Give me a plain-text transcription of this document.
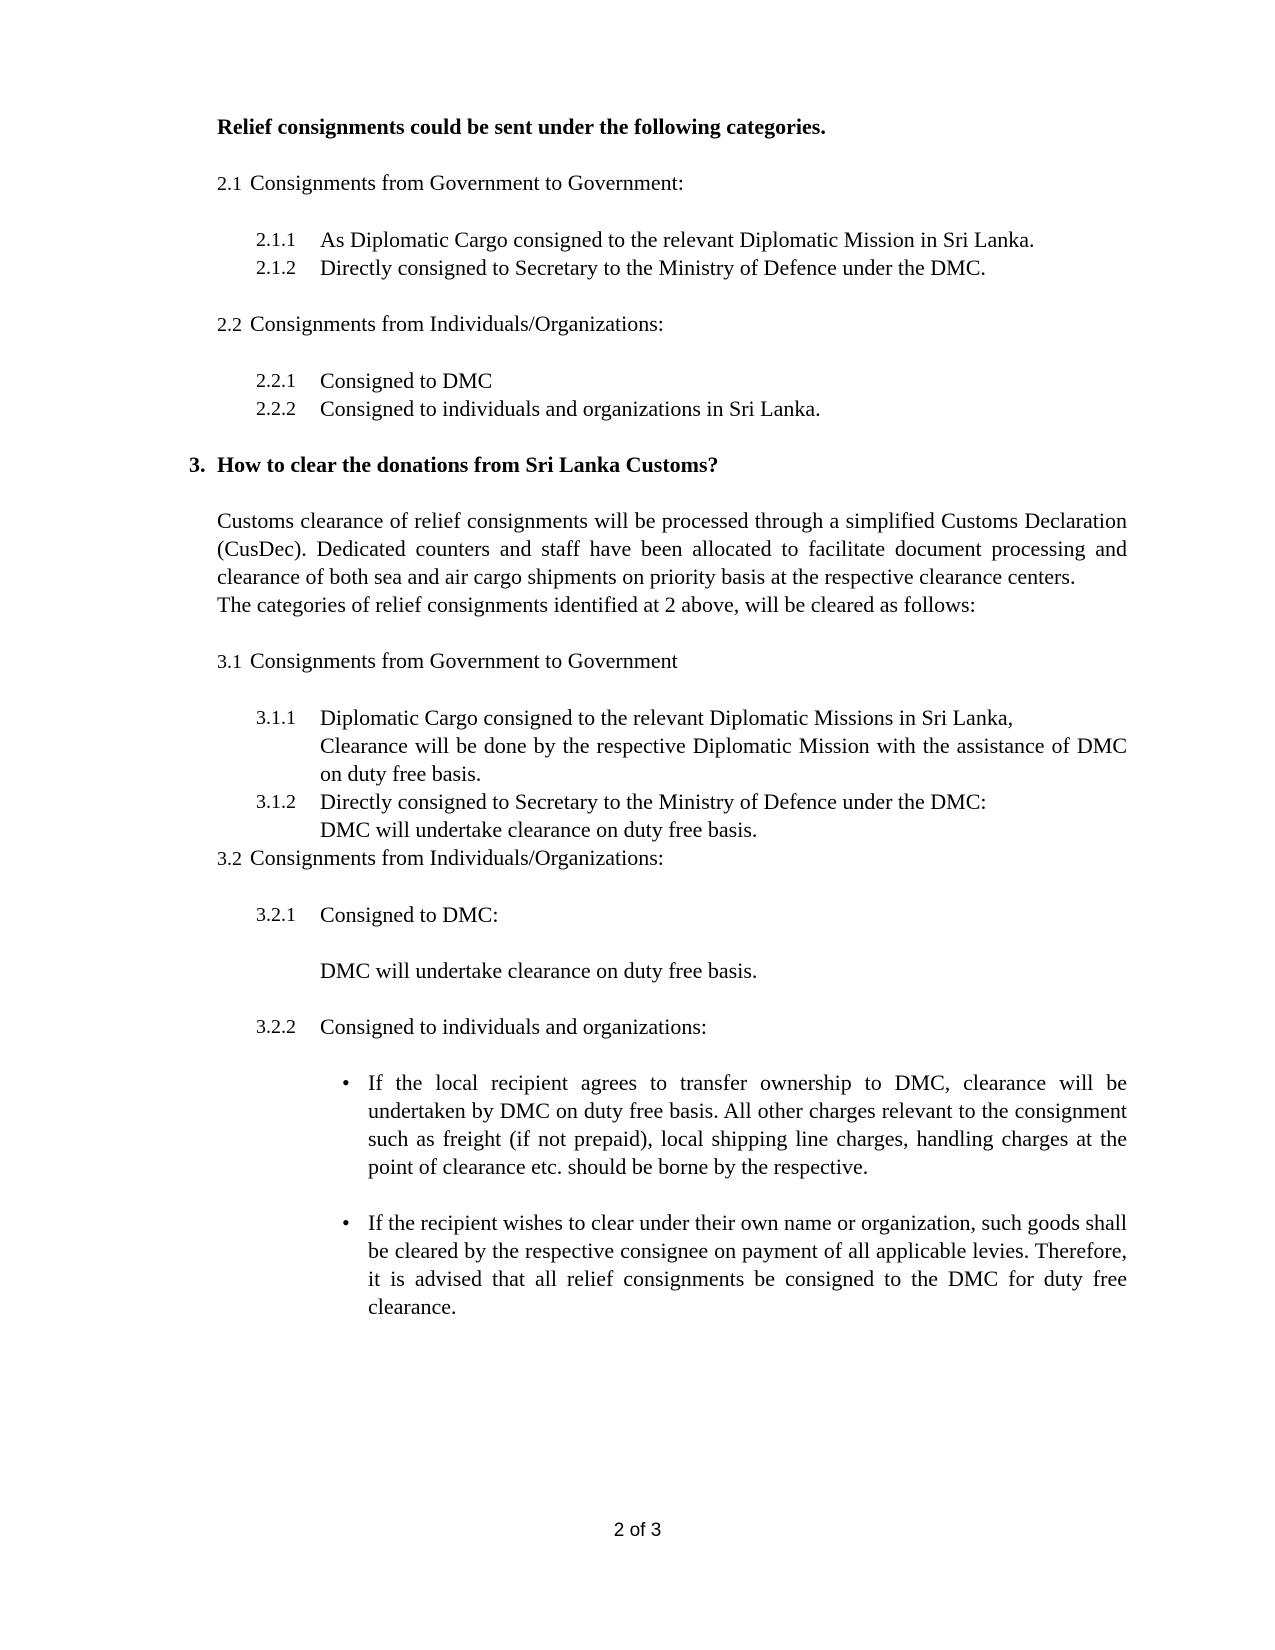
Relief consignments could be sent under the following categories.
2.1 Consignments from Government to Government:
2.1.1 As Diplomatic Cargo consigned to the relevant Diplomatic Mission in Sri Lanka.
2.1.2 Directly consigned to Secretary to the Ministry of Defence under the DMC.
2.2 Consignments from Individuals/Organizations:
2.2.1 Consigned to DMC
2.2.2 Consigned to individuals and organizations in Sri Lanka.
3. How to clear the donations from Sri Lanka Customs?
Customs clearance of relief consignments will be processed through a simplified Customs Declaration (CusDec). Dedicated counters and staff have been allocated to facilitate document processing and clearance of both sea and air cargo shipments on priority basis at the respective clearance centers.
The categories of relief consignments identified at 2 above, will be cleared as follows:
3.1 Consignments from Government to Government
3.1.1 Diplomatic Cargo consigned to the relevant Diplomatic Missions in Sri Lanka,
Clearance will be done by the respective Diplomatic Mission with the assistance of DMC on duty free basis.
3.1.2 Directly consigned to Secretary to the Ministry of Defence under the DMC:
DMC will undertake clearance on duty free basis.
3.2 Consignments from Individuals/Organizations:
3.2.1 Consigned to DMC:
DMC will undertake clearance on duty free basis.
3.2.2 Consigned to individuals and organizations:
• If the local recipient agrees to transfer ownership to DMC, clearance will be undertaken by DMC on duty free basis. All other charges relevant to the consignment such as freight (if not prepaid), local shipping line charges, handling charges at the point of clearance etc. should be borne by the respective.
• If the recipient wishes to clear under their own name or organization, such goods shall be cleared by the respective consignee on payment of all applicable levies. Therefore, it is advised that all relief consignments be consigned to the DMC for duty free clearance.
2 of 3
